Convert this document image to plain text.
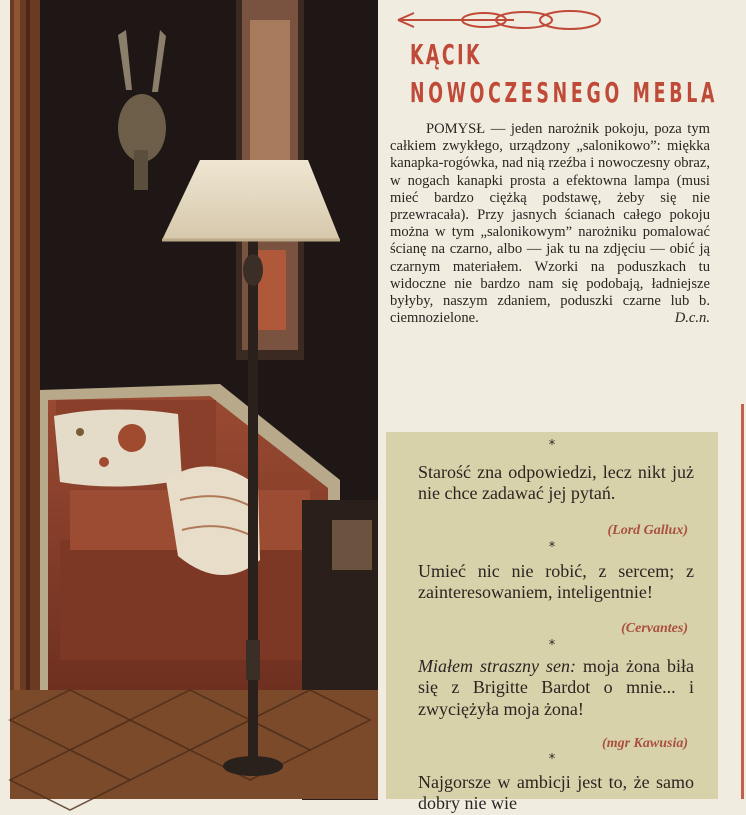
KĄCIK
NOWOCZESNEGO MEBLA
POMYSŁ — jeden narożnik pokoju, poza tym całkiem zwykłego, urządzony „salonikowo”: miękka kanapka-rogówka, nad nią rzeźba i nowoczesny obraz, w nogach kanapki prosta a efektowna lampa (musi mieć bardzo ciężką podstawę, żeby się nie przewracała). Przy jasnych ścianach całego pokoju można w tym „salonikowym” narożniku pomalować ścianę na czarno, albo — jak tu na zdjęciu — obić ją czarnym materiałem. Wzorki na poduszkach tu widoczne nie bardzo nam się podobają, ładniejsze byłyby, naszym zdaniem, poduszki czarne lub b. ciemnozielone.	D.c.n.
*
Starość zna odpowiedzi, lecz nikt już nie chce zadawać jej pytań.
(Lord Gallux)
*
Umieć nic nie robić, z sercem; z zainteresowaniem, inteligentnie!
(Cervantes)
*
Miałem straszny sen: moja żona biła się z Brigitte Bardot o mnie... i zwyciężyła moja żona!
(mgr Kawusia)
*
Najgorsze w ambicji jest to, że samo dobry nie wie
